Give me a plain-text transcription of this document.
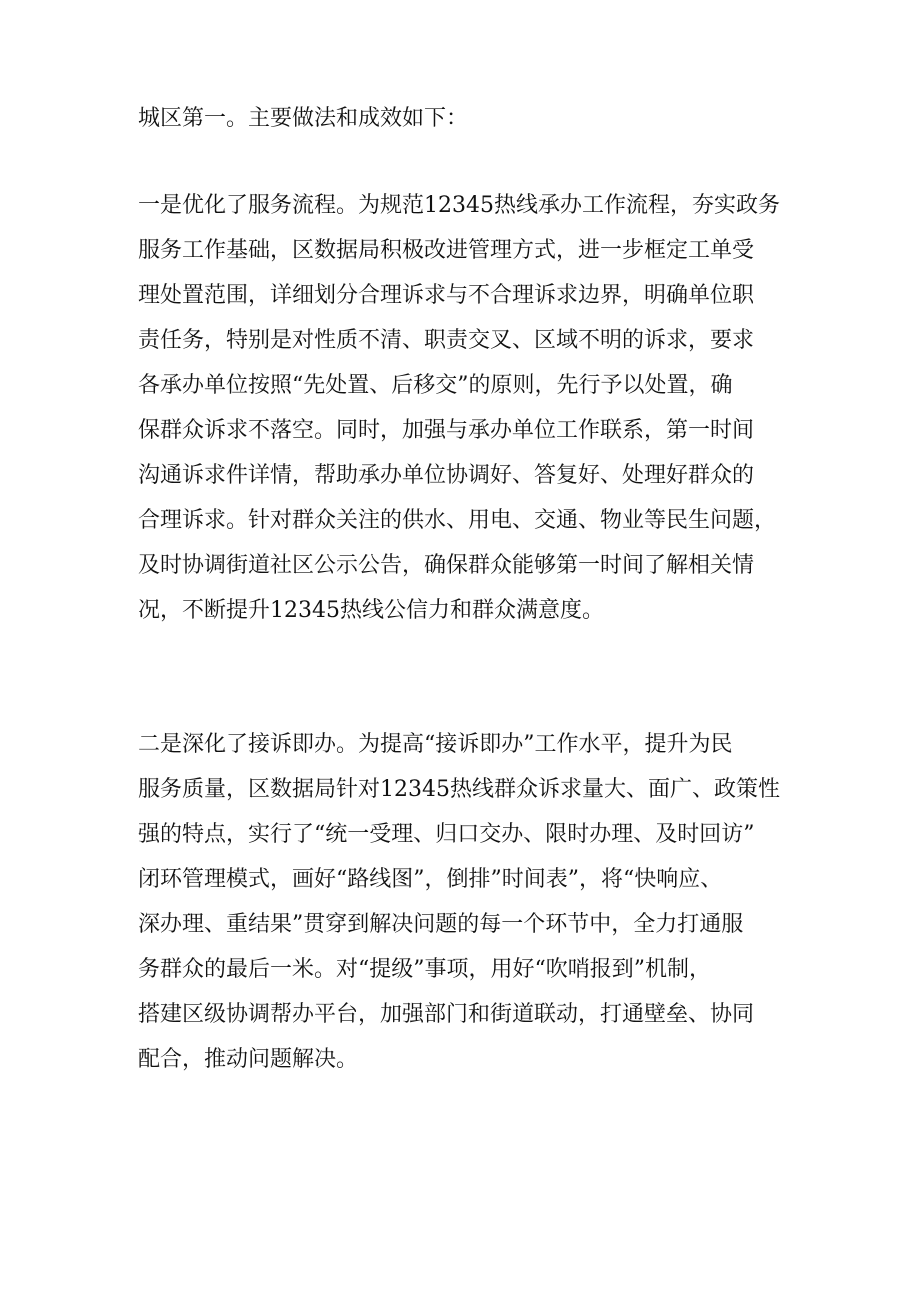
城区第一。主要做法和成效如下：

一是优化了服务流程。为规范12345热线承办工作流程，夯实政务
服务工作基础，区数据局积极改进管理方式，进一步框定工单受
理处置范围，详细划分合理诉求与不合理诉求边界，明确单位职
责任务，特别是对性质不清、职责交叉、区域不明的诉求，要求
各承办单位按照“先处置、后移交”的原则，先行予以处置，确
保群众诉求不落空。同时，加强与承办单位工作联系，第一时间
沟通诉求件详情，帮助承办单位协调好、答复好、处理好群众的
合理诉求。针对群众关注的供水、用电、交通、物业等民生问题，
及时协调街道社区公示公告，确保群众能够第一时间了解相关情
况，不断提升12345热线公信力和群众满意度。

二是深化了接诉即办。为提高“接诉即办”工作水平，提升为民
服务质量，区数据局针对12345热线群众诉求量大、面广、政策性
强的特点，实行了“统一受理、归口交办、限时办理、及时回访”
闭环管理模式，画好“路线图”，倒排”时间表”，将“快响应、
深办理、重结果”贯穿到解决问题的每一个环节中，全力打通服
务群众的最后一米。对“提级”事项，用好“吹哨报到”机制，
搭建区级协调帮办平台，加强部门和街道联动，打通壁垒、协同
配合，推动问题解决。
